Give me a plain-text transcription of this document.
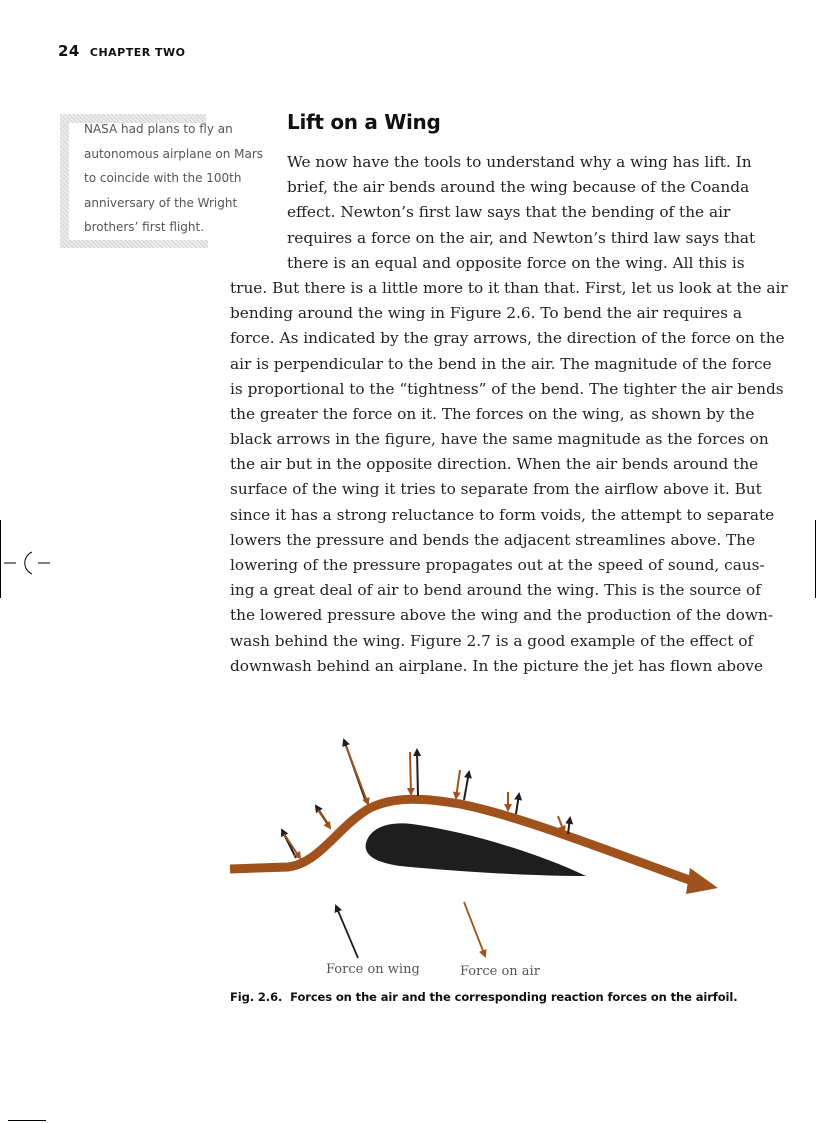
24 CHAPTER TWO
NASA had plans to fly an
autonomous airplane on Mars
to coincide with the 100th
anniversary of the Wright
brothers’ first flight.
Lift on a Wing
We now have the tools to understand why a wing has lift. In
brief, the air bends around the wing because of the Coanda
effect. Newton’s first law says that the bending of the air
requires a force on the air, and Newton’s third law says that
there is an equal and opposite force on the wing. All this is
true. But there is a little more to it than that. First, let us look at the air
bending around the wing in Figure 2.6. To bend the air requires a
force. As indicated by the gray arrows, the direction of the force on the
air is perpendicular to the bend in the air. The magnitude of the force
is proportional to the “tightness” of the bend. The tighter the air bends
the greater the force on it. The forces on the wing, as shown by the
black arrows in the figure, have the same magnitude as the forces on
the air but in the opposite direction. When the air bends around the
surface of the wing it tries to separate from the airflow above it. But
since it has a strong reluctance to form voids, the attempt to separate
lowers the pressure and bends the adjacent streamlines above. The
lowering of the pressure propagates out at the speed of sound, caus-
ing a great deal of air to bend around the wing. This is the source of
the lowered pressure above the wing and the production of the down-
wash behind the wing. Figure 2.7 is a good example of the effect of
downwash behind an airplane. In the picture the jet has flown above
Force on wing	Force on air
Fig. 2.6. Forces on the air and the corresponding reaction forces on the airfoil.
